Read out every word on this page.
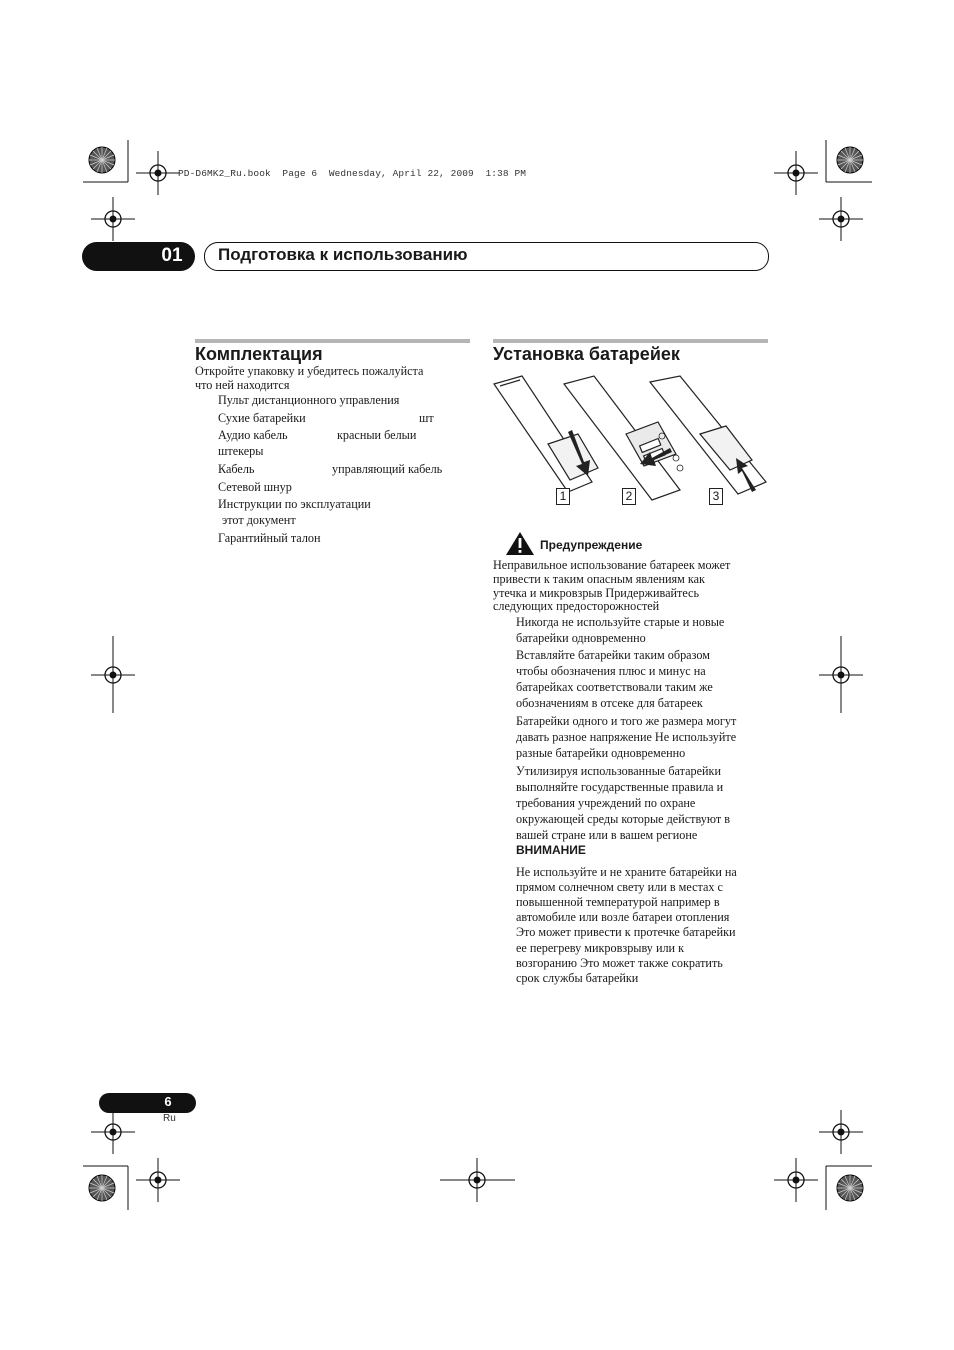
PD-D6MK2_Ru.book  Page 6  Wednesday, April 22, 2009  1:38 PM
01	Подготовка к использованию
Комплектация
Откройте упаковку и убедитесь пожалуйста
что ней находится
Пульт дистанционного управления
Сухие батарейки	шт
Аудио кабель	красныи белыи
штекеры
Кабель	управляющий кабель
Сетевой шнур
Инструкции по эксплуатации
этот документ
Гарантийный талон
Установка батарейек
1	2	3
Предупреждение
Неправильное использование батареек может
привести к таким опасным явлениям как
утечка и микровзрыв Придерживайтесь
следующих предосторожностей
Никогда не используйте старые и новые
батарейки одновременно
Вставляйте батарейки таким образом
чтобы обозначения плюс и минус на
батарейках соответствовали таким же
обозначениям в отсеке для батареек
Батарейки одного и того же размера могут
давать разное напряжение Не используйте
разные батарейки одновременно
Утилизируя использованные батарейки
выполняйте государственные правила и
требования учреждений по охране
окружающей среды которые действуют в
вашей стране или в вашем регионе
ВНИМАНИЕ
Не используйте и не храните батарейки на
прямом солнечном свету или в местах с
повышенной температурой например в
автомобиле или возле батареи отопления
Это может привести к протечке батарейки
ее перегреву микровзрыву или к
возгоранию Это может также сократить
срок службы батарейки
6
Ru
